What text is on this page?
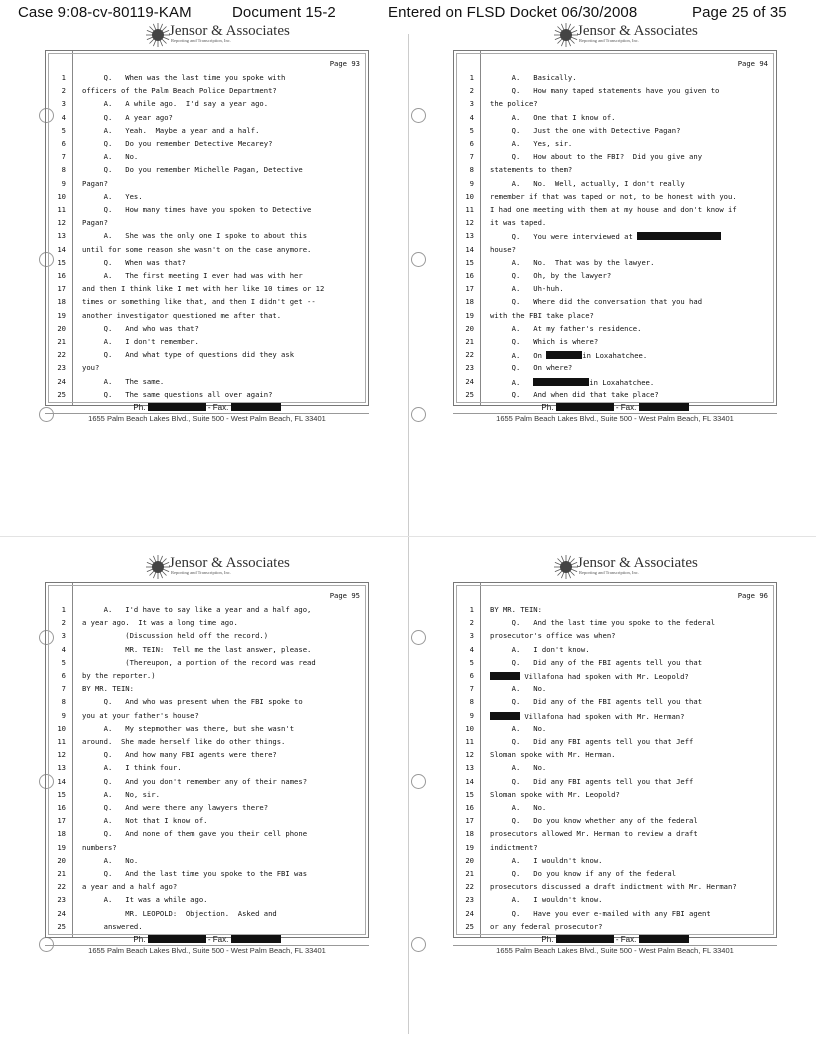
Case 9:08-cv-80119-KAM	Document 15-2	Entered on FLSD Docket 06/30/2008	Page 25 of 35
Jensor & Associates
Reporting and Transcription, Inc.
Page 93
1 Q.   When was the last time you spoke with
2 officers of the Palm Beach Police Department?
3 A.   A while ago.  I'd say a year ago.
4 Q.   A year ago?
5 A.   Yeah.  Maybe a year and a half.
6 Q.   Do you remember Detective Mecarey?
7 A.   No.
8 Q.   Do you remember Michelle Pagan, Detective
9 Pagan?
10 A.   Yes.
11 Q.   How many times have you spoken to Detective
12 Pagan?
13 A.   She was the only one I spoke to about this
14 until for some reason she wasn't on the case anymore.
15 Q.   When was that?
16 A.   The first meeting I ever had was with her
17 and then I think like I met with her like 10 times or 12
18 times or something like that, and then I didn't get --
19 another investigator questioned me after that.
20 Q.   And who was that?
21 A.   I don't remember.
22 Q.   And what type of questions did they ask
23 you?
24 A.   The same.
25 Q.   The same questions all over again?
Ph.	- Fax.
1655 Palm Beach Lakes Blvd., Suite 500 - West Palm Beach, FL 33401
Jensor & Associates
Reporting and Transcription, Inc.
Page 94
1 A.   Basically.
2 Q.   How many taped statements have you given to
3 the police?
4 A.   One that I know of.
5 Q.   Just the one with Detective Pagan?
6 A.   Yes, sir.
7 Q.   How about to the FBI?  Did you give any
8 statements to them?
9 A.   No.  Well, actually, I don't really
10 remember if that was taped or not, to be honest with you.
11 I had one meeting with them at my house and don't know if
12 it was taped.
13 Q.   You were interviewed at
14 house?
15 A.   No.  That was by the lawyer.
16 Q.   Oh, by the lawyer?
17 A.   Uh-huh.
18 Q.   Where did the conversation that you had
19 with the FBI take place?
20 A.   At my father's residence.
21 Q.   Which is where?
22 A.   On	in Loxahatchee.
23 Q.   On where?
24 A.	in Loxahatchee.
25 Q.   And when did that take place?
Ph.	- Fax.
1655 Palm Beach Lakes Blvd., Suite 500 - West Palm Beach, FL 33401
Jensor & Associates
Reporting and Transcription, Inc.
Page 95
1 A.   I'd have to say like a year and a half ago,
2 a year ago.  It was a long time ago.
3 (Discussion held off the record.)
4 MR. TEIN:  Tell me the last answer, please.
5 (Thereupon, a portion of the record was read
6 by the reporter.)
7 BY MR. TEIN:
8 Q.   And who was present when the FBI spoke to
9 you at your father's house?
10 A.   My stepmother was there, but she wasn't
11 around.  She made herself like do other things.
12 Q.   And how many FBI agents were there?
13 A.   I think four.
14 Q.   And you don't remember any of their names?
15 A.   No, sir.
16 Q.   And were there any lawyers there?
17 A.   Not that I know of.
18 Q.   And none of them gave you their cell phone
19 numbers?
20 A.   No.
21 Q.   And the last time you spoke to the FBI was
22 a year and a half ago?
23 A.   It was a while ago.
24 MR. LEOPOLD:  Objection.  Asked and
25 answered.
Ph.	- Fax.
1655 Palm Beach Lakes Blvd., Suite 500 - West Palm Beach, FL 33401
Jensor & Associates
Reporting and Transcription, Inc.
Page 96
1 BY MR. TEIN:
2 Q.   And the last time you spoke to the federal
3 prosecutor's office was when?
4 A.   I don't know.
5 Q.   Did any of the FBI agents tell you that
6	Villafona had spoken with Mr. Leopold?
7 A.   No.
8 Q.   Did any of the FBI agents tell you that
9	Villafona had spoken with Mr. Herman?
10 A.   No.
11 Q.   Did any FBI agents tell you that Jeff
12 Sloman spoke with Mr. Herman.
13 A.   No.
14 Q.   Did any FBI agents tell you that Jeff
15 Sloman spoke with Mr. Leopold?
16 A.   No.
17 Q.   Do you know whether any of the federal
18 prosecutors allowed Mr. Herman to review a draft
19 indictment?
20 A.   I wouldn't know.
21 Q.   Do you know if any of the federal
22 prosecutors discussed a draft indictment with Mr. Herman?
23 A.   I wouldn't know.
24 Q.   Have you ever e-mailed with any FBI agent
25 or any federal prosecutor?
Ph.	- Fax.
1655 Palm Beach Lakes Blvd., Suite 500 - West Palm Beach, FL 33401
